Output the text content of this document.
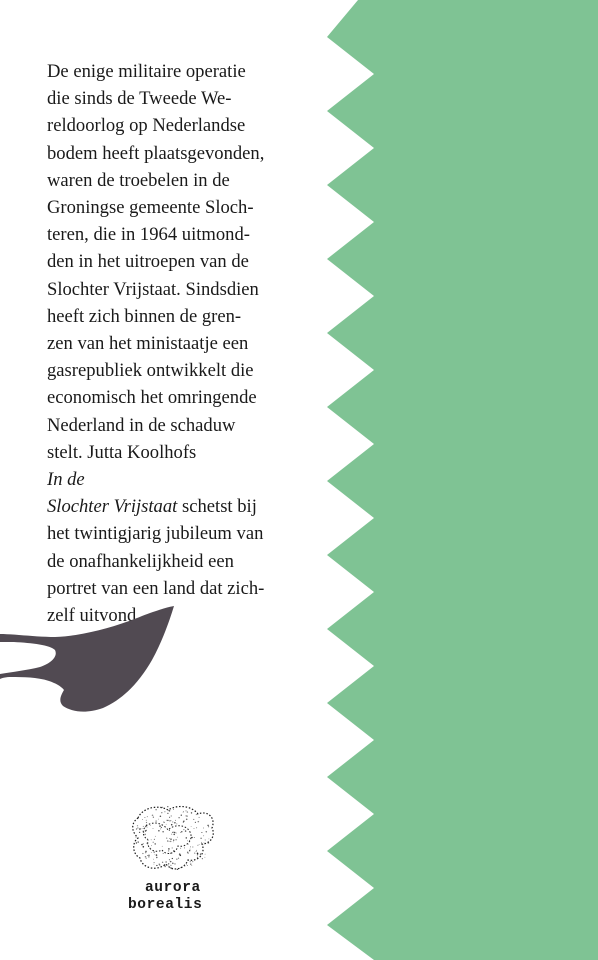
De enige militaire operatie
die sinds de Tweede We-
reldoorlog op Nederlandse
bodem heeft plaatsgevonden,
waren de troebelen in de
Groningse gemeente Sloch-
teren, die in 1964 uitmond-
den in het uitroepen van de
Slochter Vrijstaat. Sindsdien
heeft zich binnen de gren-
zen van het ministaatje een
gasrepubliek ontwikkelt die
economisch het omringende
Nederland in de schaduw
stelt. Jutta Koolhofs
In de
Slochter Vrijstaat schetst bij
het twintigjarig jubileum van
de onafhankelijkheid een
portret van een land dat zich-
zelf uitvond.

aurora
borealis
